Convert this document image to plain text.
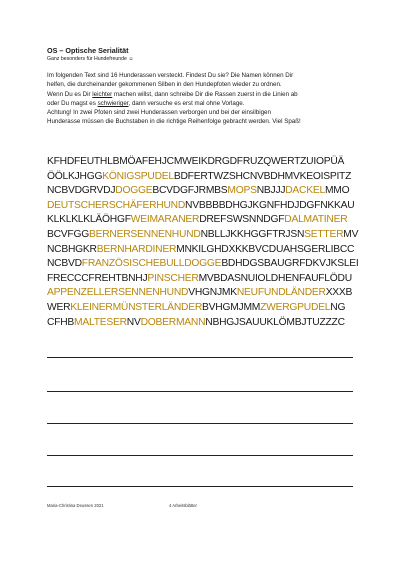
OS – Optische Serialität
Ganz besonders für Hundefreunde ☺

Im folgenden Text sind 16 Hunderassen versteckt. Findest Du sie? Die Namen können Dir

helfen, die durcheinander gekommenen Silben in den Hundepfoten wieder zu ordnen.

Wenn Du es Dir leichter machen willst, dann schreibe Dir die Rassen zuerst in die Linien ab

oder Du magst es schwieriger, dann versuche es erst mal ohne Vorlage.

Achtung! In zwei Pfoten sind zwei Hunderassen verborgen und bei der einsilbigen

Hunderasse müssen die Buchstaben in die richtige Reihenfolge gebracht werden. Viel Spaß!

KFHDFEUTHLBMÖAFEHJCMWEIKDRGDFRUZQWERTZUIOPÜÄ
ÖÖLKJHGGKÖNIGSPUDELBDFERTWZSHCNVBDHMVKEOISPITZ
NCBVDGRVDJDOGGEBCVDGFJRMBSMOPSNBJJJDACKELMMO
DEUTSCHERSCHÄFERHUNDNVBBBBDHGJKGNFHDJDGFNKKAU
KLKLKLKLÄÖHGFWEIMARANERDREFSWSNNDGFDALMATINER
BCVFGGBERNERSENNENHUNDNBLLJKKHGGFTRJSNSETTERMV
NCBHGKRBERNHARDINERMNKILGHDXKKBVCDUAHSGERLIBCC
NCBVDFRANZÖSISCHEBULLDOGGEBDHDGSBAUGRFDKVJKSLEI
FRECCCFREHTBNHJPINSCHERMVBDASNUIOLDHENFAUFLÖDU
APPENZELLERSENNENHUNDVHGNJMKNEUFUNDLÄNDERXXXB
WERKLEINERMÜNSTERLÄNDERBVHGMJMMZWERGPUDELNG
CFHBMALTESERNVDOBERMANNNBHGJSAUUKLÖMBJTUZZZC
Maria-Christina Deussen 2021	4 Arbeitsblätter
